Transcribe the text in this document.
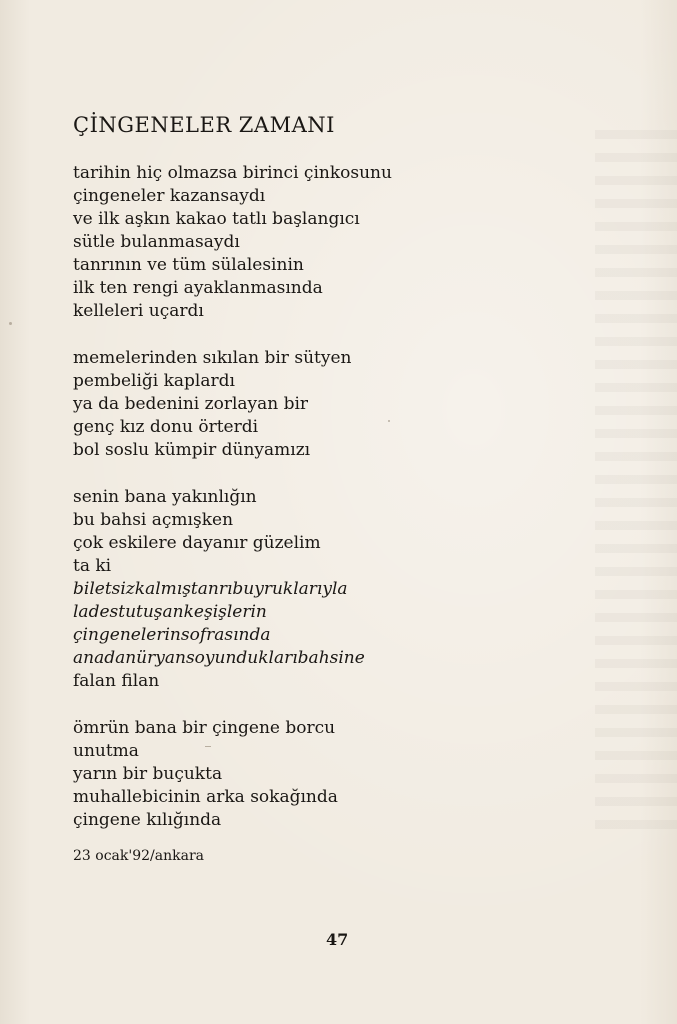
ÇİNGENELER ZAMANI
tarihin hiç olmazsa birinci çinkosunu
çingeneler kazansaydı
ve ilk aşkın kakao tatlı başlangıcı
sütle bulanmasaydı
tanrının ve tüm sülalesinin
ilk ten rengi ayaklanmasında
kelleleri uçardı
memelerinden sıkılan bir sütyen
pembeliği kaplardı
ya da bedenini zorlayan bir
genç kız donu örterdi
bol soslu kümpir dünyamızı
senin bana yakınlığın
bu bahsi açmışken
çok eskilere dayanır güzelim
ta ki
biletsizkalmıştanrıbuyruklarıyla
ladestutuşankeşişlerin
çingenelerinsofrasında
anadanüryansoyunduklarıbahsine
falan filan
ömrün bana bir çingene borcu
unutma
yarın bir buçukta
muhallebicinin arka sokağında
çingene kılığında
23 ocak'92/ankara
47
